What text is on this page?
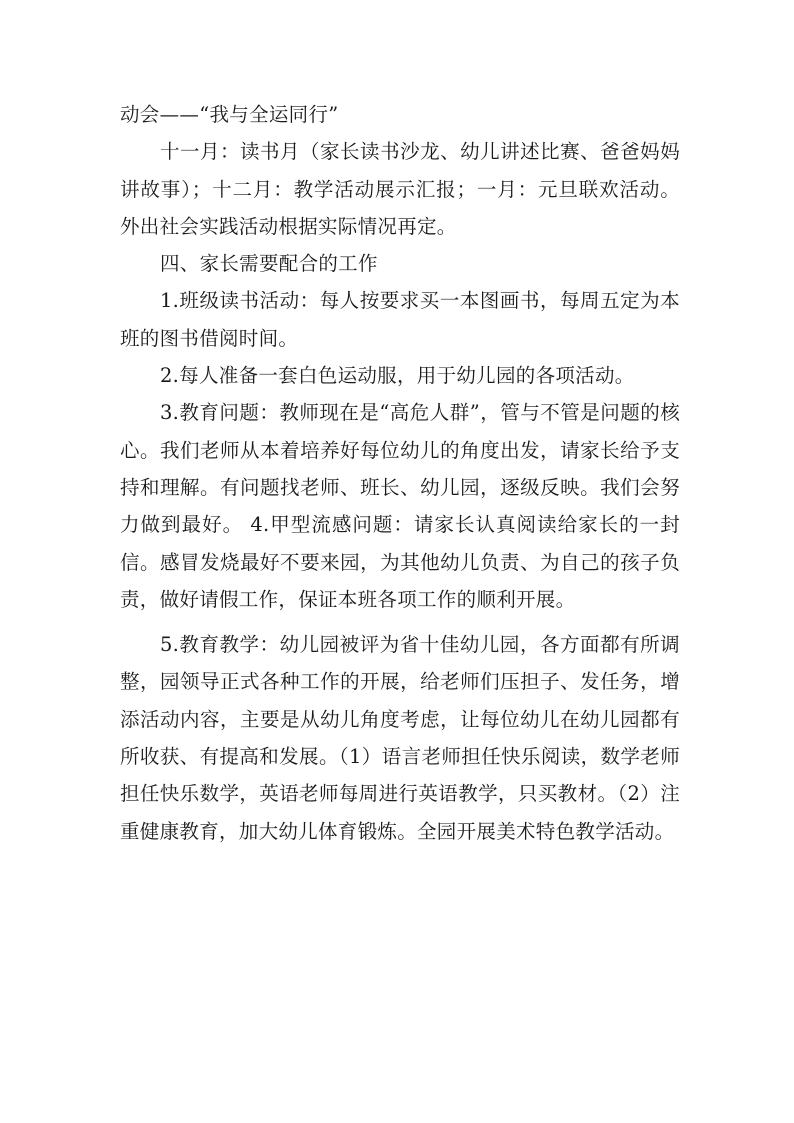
动会——“我与全运同行”

十一月：读书月（家长读书沙龙、幼儿讲述比赛、爸爸妈妈讲故事）；十二月：教学活动展示汇报；一月：元旦联欢活动。外出社会实践活动根据实际情况再定。

四、家长需要配合的工作

1.班级读书活动：每人按要求买一本图画书，每周五定为本班的图书借阅时间。

2.每人准备一套白色运动服，用于幼儿园的各项活动。

3.教育问题：教师现在是“高危人群”，管与不管是问题的核心。我们老师从本着培养好每位幼儿的角度出发，请家长给予支持和理解。有问题找老师、班长、幼儿园，逐级反映。我们会努力做到最好。 4.甲型流感问题：请家长认真阅读给家长的一封信。感冒发烧最好不要来园，为其他幼儿负责、为自己的孩子负责，做好请假工作，保证本班各项工作的顺利开展。

5.教育教学：幼儿园被评为省十佳幼儿园，各方面都有所调整，园领导正式各种工作的开展，给老师们压担子、发任务，增添活动内容，主要是从幼儿角度考虑，让每位幼儿在幼儿园都有所收获、有提高和发展。（1）语言老师担任快乐阅读，数学老师担任快乐数学，英语老师每周进行英语教学，只买教材。（2）注重健康教育，加大幼儿体育锻炼。全园开展美术特色教学活动。
